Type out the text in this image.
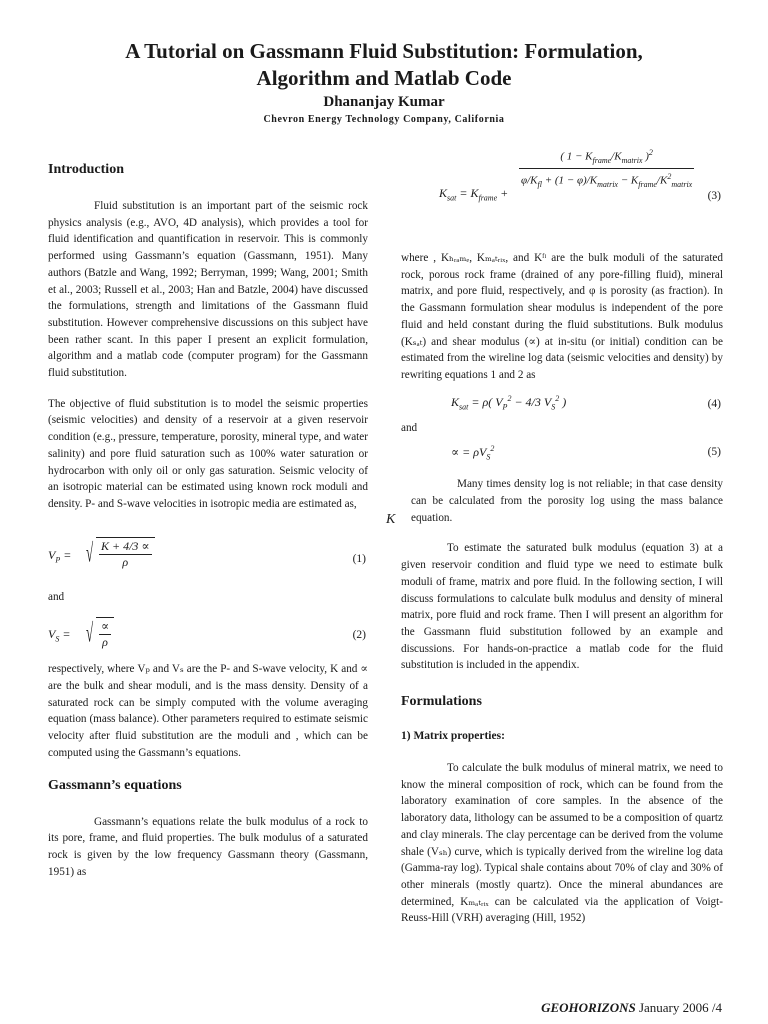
A Tutorial on Gassmann Fluid Substitution: Formulation,
Algorithm and Matlab Code
Dhananjay Kumar
Chevron Energy Technology Company, California
Introduction

Fluid substitution is an important part of the seismic rock physics analysis (e.g., AVO, 4D analysis), which provides a tool for fluid identification and quantification in reservoir. This is commonly performed using Gassmann’s equation (Gassmann, 1951). Many authors (Batzle and Wang, 1992; Berryman, 1999; Wang, 2001; Smith et al., 2003; Russell et al., 2003; Han and Batzle, 2004) have discussed the formulations, strength and limitations of the Gassmann fluid substitution. However comprehensive discussions on this subject have been rather scant. In this paper I present an explicit formulation, algorithm and a matlab code (computer program) for the Gassmann fluid substitution.

The objective of fluid substitution is to model the seismic properties (seismic velocities) and density of a reservoir at a given reservoir condition (e.g., pressure, temperature, porosity, mineral type, and water salinity) and pore fluid saturation such as 100% water saturation or hydrocarbon with only oil or only gas saturation. Seismic velocity of an isotropic material can be estimated using known rock moduli and density. P- and S-wave velocities in isotropic media are estimated as,

$V_P$ = √ $\frac{K + 4/3 \propto}{\rho}$	(1)

and

$V_S$ = √ $\frac{\propto}{\rho}$	(2)

respectively, where Vₚ and Vₛ are the P- and S-wave velocity, K and ∝ are the bulk and shear moduli, and is the mass density. Density of a saturated rock can be simply computed with the volume averaging equation (mass balance). Other parameters required to estimate seismic velocity after fluid substitution are the moduli and , which can be computed using the Gassmann’s equations.

Gassmann’s equations

Gassmann’s equations relate the bulk modulus of a rock to its pore, frame, and fluid properties. The bulk modulus of a saturated rock is given by the low frequency Gassmann theory (Gassmann, 1951) as

$K_{sat} = K_{frame}$ +
$\frac{( 1 - K_{frame}/K_{matrix} )^2}{\varphi/K_{fl} + (1 - \varphi)/K_{matrix} - K_{frame}/K^2_{matrix}}$
(3)

where , Kₕᵣₐₘₑ, Kₘₐₜᵣᵢₓ, and Kᶠᶦ are the bulk moduli of the saturated rock, porous rock frame (drained of any pore-filling fluid), mineral matrix, and pore fluid, respectively, and φ is porosity (as fraction). In the Gassmann formulation shear modulus is independent of the pore fluid and held constant during the fluid substitutions. Bulk modulus (Kₛₐₜ) and shear modulus (∝) at in-situ (or initial) condition can be estimated from the wireline log data (seismic velocities and density) by rewriting equations 1 and 2 as

$K_{sat} = \rho$( $V_P^2 - 4/3$ $V_S^2$ )	(4)

and

∝ = $\rho V_S^2$	(5)

Many times density log is not reliable; in that case density can be calculated from the porosity log using the mass balance equation.

To estimate the saturated bulk modulus (equation 3) at a given reservoir condition and fluid type we need to estimate bulk moduli of frame, matrix and pore fluid. In the following section, I will discuss formulations to calculate bulk modulus and density of mineral matrix, pore fluid and rock frame. Then I will present an algorithm for the Gassmann fluid substitution followed by an example and discussions. For hands-on-practice a matlab code for the fluid substitution is included in the appendix.

Formulations
1) Matrix properties:

To calculate the bulk modulus of mineral matrix, we need to know the mineral composition of rock, which can be found from the laboratory examination of core samples. In the absence of the laboratory data, lithology can be assumed to be a composition of quartz and clay minerals. The clay percentage can be derived from the volume shale (Vₛₕ) curve, which is typically derived from the wireline log data (Gamma-ray log). Typical shale contains about 70% of clay and 30% of other minerals (mostly quartz). Once the mineral abundances are determined, Kₘₐₜᵣᵢₓ can be calculated via the application of Voigt-Reuss-Hill (VRH) averaging (Hill, 1952)

K
GEOHORIZONS January 2006 /4
